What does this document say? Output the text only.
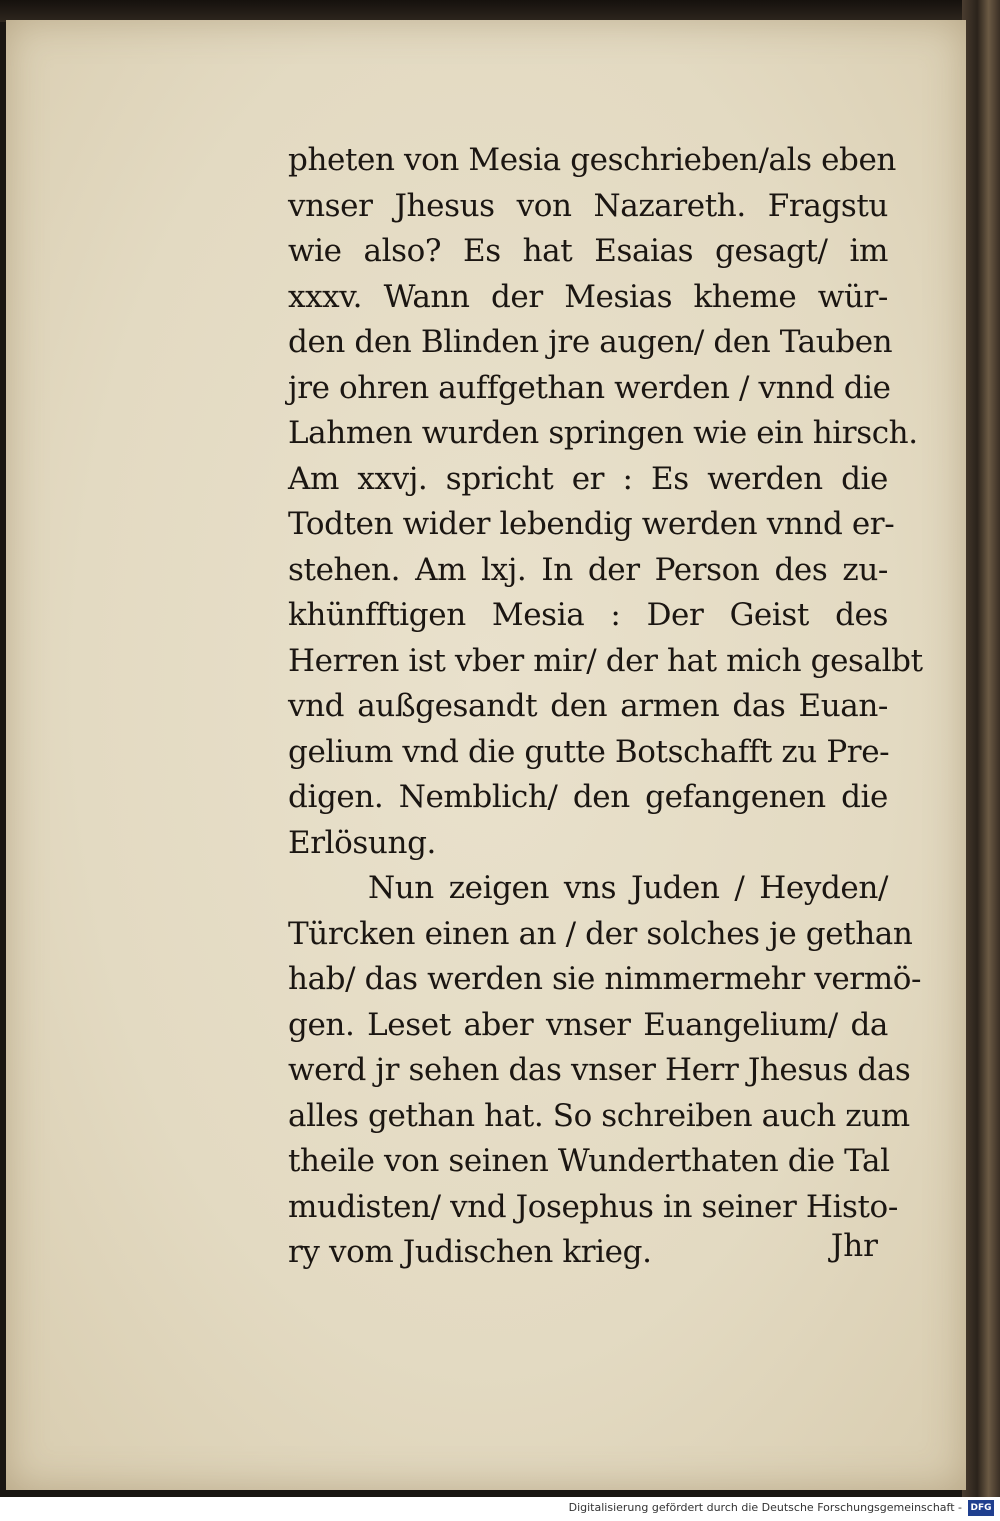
pheten von Mesia geschrieben/als eben
vnser Jhesus von Nazareth. Fragstu
wie also? Es hat Esaias gesagt/ im
xxxv. Wann der Mesias kheme wür-
den den Blinden jre augen/ den Tauben
jre ohren auffgethan werden / vnnd die
Lahmen wurden springen wie ein hirsch.
Am xxvj. spricht er : Es werden die
Todten wider lebendig werden vnnd er-
stehen. Am lxj. In der Person des zu-
khünfftigen Mesia : Der Geist des
Herren ist vber mir/ der hat mich gesalbt
vnd außgesandt den armen das Euan-
gelium vnd die gutte Botschafft zu Pre-
digen. Nemblich/ den gefangenen die
Erlösung.
Nun zeigen vns Juden / Heyden/
Türcken einen an / der solches je gethan
hab/ das werden sie nimmermehr vermö-
gen. Leset aber vnser Euangelium/ da
werd jr sehen das vnser Herr Jhesus das
alles gethan hat. So schreiben auch zum
theile von seinen Wunderthaten die Tal
mudisten/ vnd Josephus in seiner Histo-
ry vom Judischen krieg.	Jhr
Digitalisierung gefördert durch die Deutsche Forschungsgemeinschaft - DFG
